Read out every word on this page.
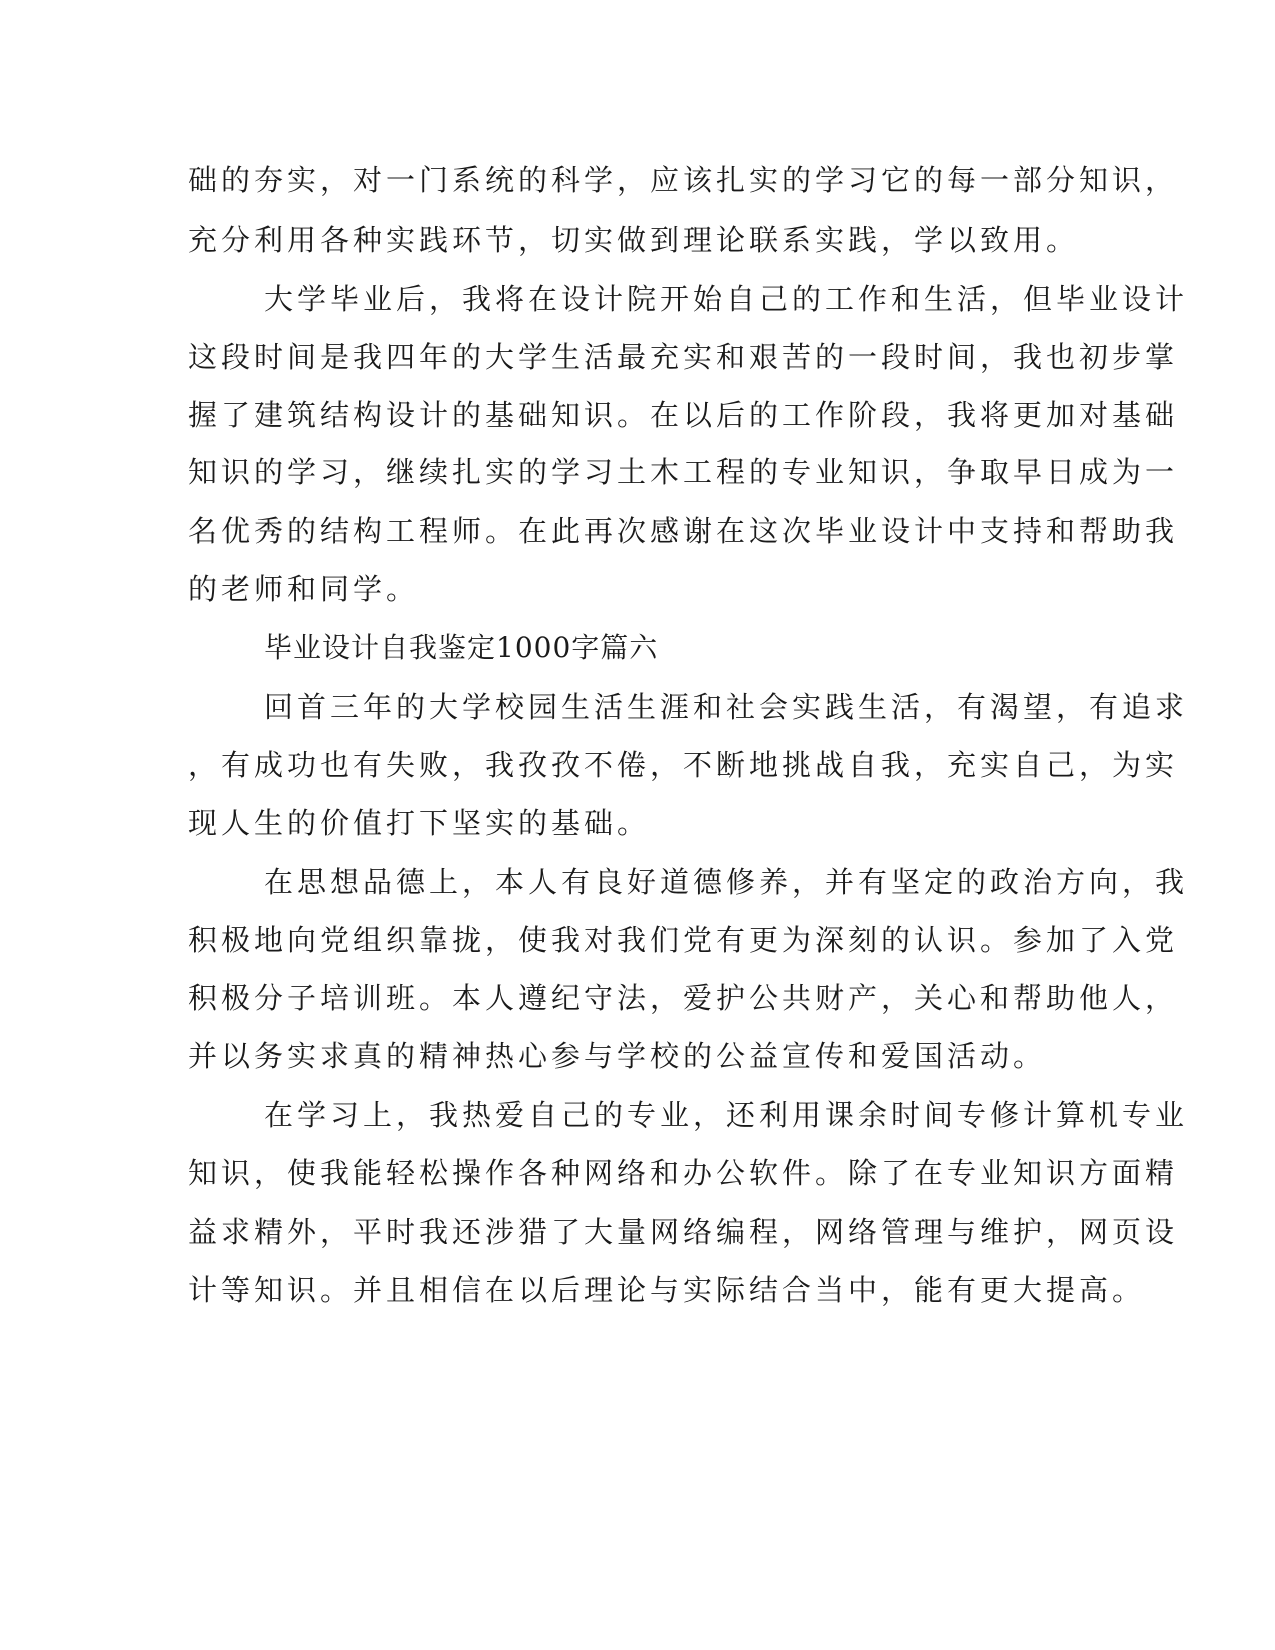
础的夯实，对一门系统的科学，应该扎实的学习它的每一部分知识，
充分利用各种实践环节，切实做到理论联系实践，学以致用。
大学毕业后，我将在设计院开始自己的工作和生活，但毕业设计
这段时间是我四年的大学生活最充实和艰苦的一段时间，我也初步掌
握了建筑结构设计的基础知识。在以后的工作阶段，我将更加对基础
知识的学习，继续扎实的学习土木工程的专业知识，争取早日成为一
名优秀的结构工程师。在此再次感谢在这次毕业设计中支持和帮助我
的老师和同学。
毕业设计自我鉴定1000字篇六
回首三年的大学校园生活生涯和社会实践生活，有渴望，有追求
，有成功也有失败，我孜孜不倦，不断地挑战自我，充实自己，为实
现人生的价值打下坚实的基础。
在思想品德上，本人有良好道德修养，并有坚定的政治方向，我
积极地向党组织靠拢，使我对我们党有更为深刻的认识。参加了入党
积极分子培训班。本人遵纪守法，爱护公共财产，关心和帮助他人，
并以务实求真的精神热心参与学校的公益宣传和爱国活动。
在学习上，我热爱自己的专业，还利用课余时间专修计算机专业
知识，使我能轻松操作各种网络和办公软件。除了在专业知识方面精
益求精外，平时我还涉猎了大量网络编程，网络管理与维护，网页设
计等知识。并且相信在以后理论与实际结合当中，能有更大提高。
